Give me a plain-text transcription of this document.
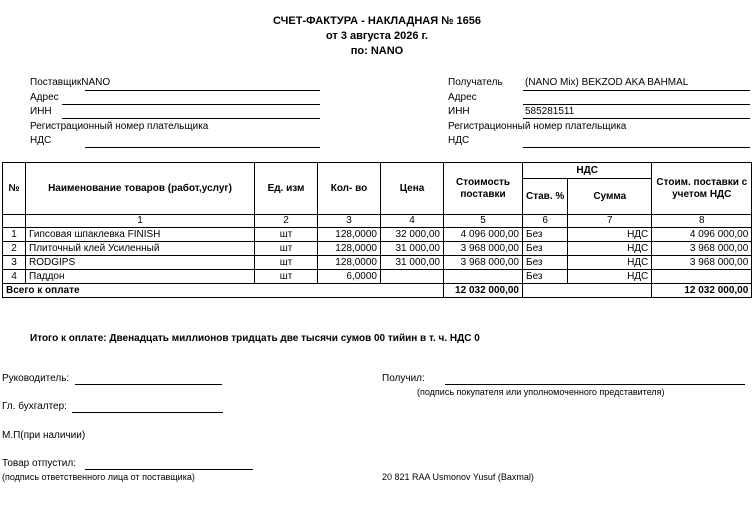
СЧЕТ-ФАКТУРА - НАКЛАДНАЯ № 1656
от 3 августа 2026 г.
по: NANO
ПоставщикNANO
Адрес
ИНН
Регистрационный номер плательщика
НДС
Получатель (NANO Mix) BEKZOD AKA BAHMAL
Адрес
ИНН	585281511
Регистрационный номер плательщика
НДС
№	Наименование товаров (работ,услуг)	Ед. изм	Кол- во	Цена	Стоимость поставки	НДС		Стоим. поставки с учетом НДС
						Став. %	Сумма	
	1	2	3	4	5	6	7	8
1	Гипсовая шпаклевка FINISH	шт	128,0000	32 000,00	4 096 000,00	Без	НДС	4 096 000,00
2	Плиточный клей Усиленный	шт	128,0000	31 000,00	3 968 000,00	Без	НДС	3 968 000,00
3	RODGIPS	шт	128,0000	31 000,00	3 968 000,00	Без	НДС	3 968 000,00
4	Паддон	шт	6,0000			Без	НДС	
Всего к оплате					12 032 000,00			12 032 000,00
Итого к оплате: Двенадцать миллионов тридцать две тысячи сумов 00 тийин в т. ч. НДС 0
Руководитель:
Гл. бухгалтер:
М.П(при наличии)
Товар отпустил:
(подпись ответственного лица от поставщика)
Получил:
(подпись покупателя или уполномоченного представителя)
20 821 RAA Usmonov Yusuf (Baxmal)
